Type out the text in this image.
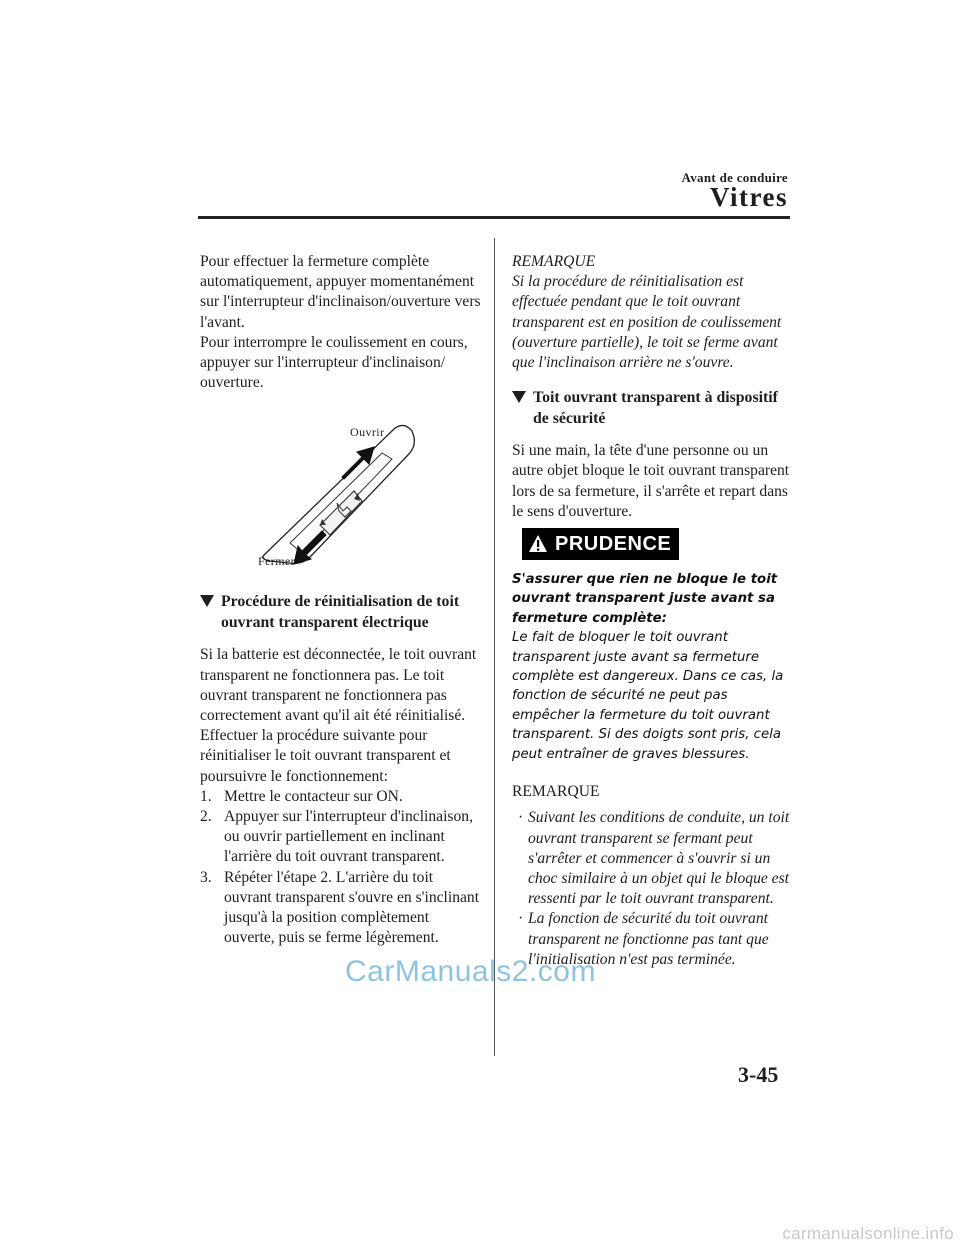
Avant de conduire
Vitres

Pour effectuer la fermeture complète automatiquement, appuyer momentanément sur l'interrupteur d'inclinaison/ouverture vers l'avant.

Pour interrompre le coulissement en cours, appuyer sur l'interrupteur d'inclinaison/ ouverture.

Ouvrir
Fermer
Procédure de réinitialisation de toit ouvrant transparent électrique

Si la batterie est déconnectée, le toit ouvrant transparent ne fonctionnera pas. Le toit ouvrant transparent ne fonctionnera pas correctement avant qu'il ait été réinitialisé. Effectuer la procédure suivante pour réinitialiser le toit ouvrant transparent et poursuivre le fonctionnement:

1. Mettre le contacteur sur ON.
2. Appuyer sur l'interrupteur d'inclinaison, ou ouvrir partiellement en inclinant l'arrière du toit ouvrant transparent.
3. Répéter l'étape 2. L'arrière du toit ouvrant transparent s'ouvre en s'inclinant jusqu'à la position complètement ouverte, puis se ferme légèrement.

REMARQUE

Si la procédure de réinitialisation est effectuée pendant que le toit ouvrant transparent est en position de coulissement (ouverture partielle), le toit se ferme avant que l'inclinaison arrière ne s'ouvre.

Toit ouvrant transparent à dispositif de sécurité

Si une main, la tête d'une personne ou un autre objet bloque le toit ouvrant transparent lors de sa fermeture, il s'arrête et repart dans le sens d'ouverture.

PRUDENCE

S'assurer que rien ne bloque le toit ouvrant transparent juste avant sa fermeture complète:

Le fait de bloquer le toit ouvrant transparent juste avant sa fermeture complète est dangereux. Dans ce cas, la fonction de sécurité ne peut pas empêcher la fermeture du toit ouvrant transparent. Si des doigts sont pris, cela peut entraîner de graves blessures.

REMARQUE

· Suivant les conditions de conduite, un toit ouvrant transparent se fermant peut s'arrêter et commencer à s'ouvrir si un choc similaire à un objet qui le bloque est ressenti par le toit ouvrant transparent.
· La fonction de sécurité du toit ouvrant transparent ne fonctionne pas tant que l'initialisation n'est pas terminée.
CarManuals2.com
3-45
carmanualsonline.info
